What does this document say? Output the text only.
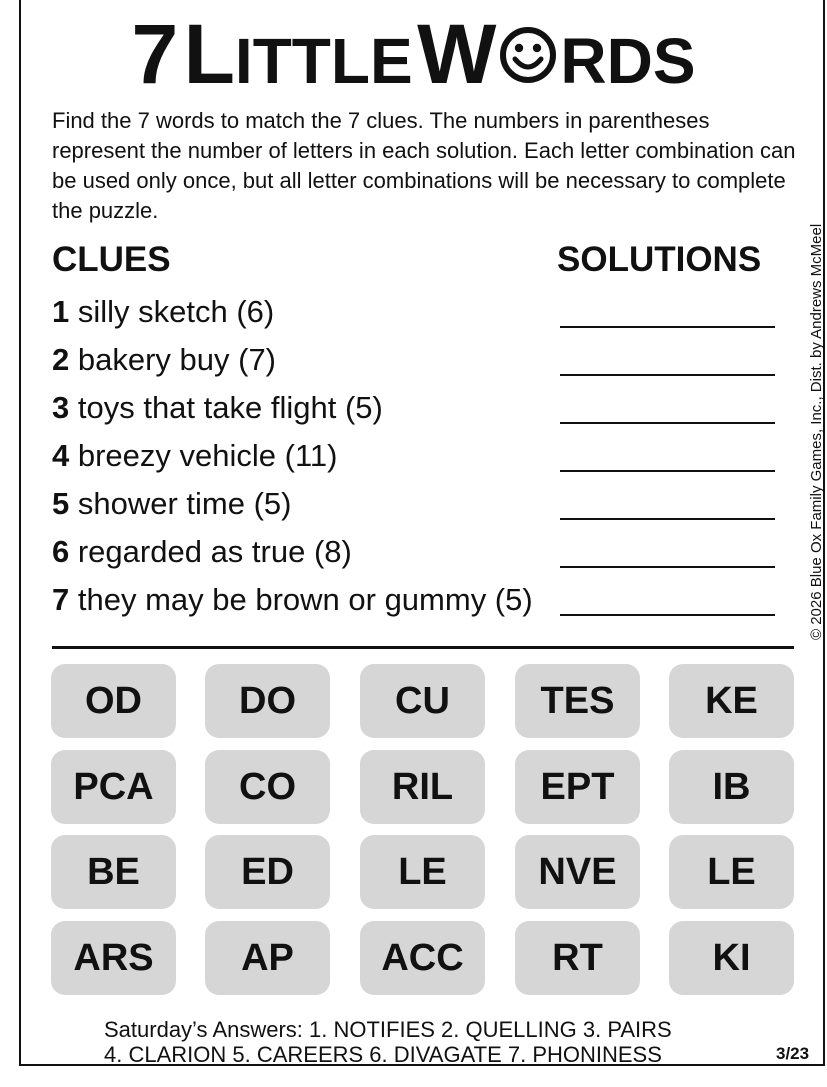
7 LITTLE W RDS
Find the 7 words to match the 7 clues. The numbers in parentheses represent the number of letters in each solution. Each letter combination can be used only once, but all letter combinations will be necessary to complete the puzzle.
© 2026 Blue Ox Family Games, Inc., Dist. by Andrews McMeel
CLUES	SOLUTIONS
1 silly sketch (6)
2 bakery buy (7)
3 toys that take flight (5)
4 breezy vehicle (11)
5 shower time (5)
6 regarded as true (8)
7 they may be brown or gummy (5)
OD	DO	CU	TES	KE
PCA	CO	RIL	EPT	IB
BE	ED	LE	NVE	LE
ARS	AP	ACC	RT	KI
Saturday’s Answers: 1. NOTIFIES 2. QUELLING 3. PAIRS
4. CLARION 5. CAREERS 6. DIVAGATE 7. PHONINESS	3/23
